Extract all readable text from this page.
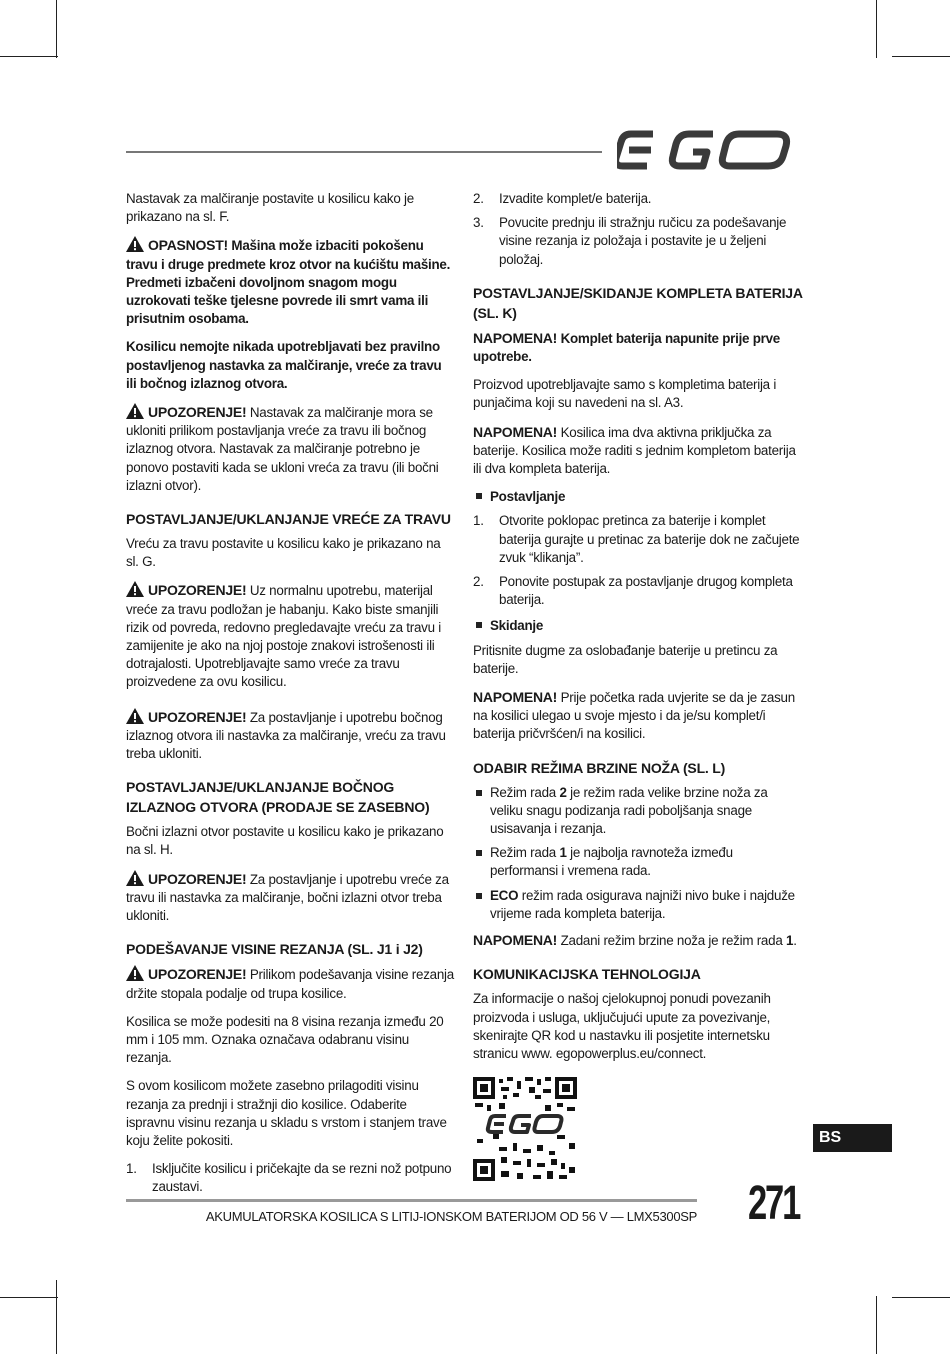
Nastavak za malčiranje postavite u kosilicu kako je prikazano na sl. F.

OPASNOST! Mašina može izbaciti pokošenu travu i druge predmete kroz otvor na kućištu mašine. Predmeti izbačeni dovoljnom snagom mogu uzrokovati teške tjelesne povrede ili smrt vama ili prisutnim osobama.

Kosilicu nemojte nikada upotrebljavati bez pravilno postavljenog nastavka za malčiranje, vreće za travu ili bočnog izlaznog otvora.

UPOZORENJE! Nastavak za malčiranje mora se ukloniti prilikom postavljanja vreće za travu ili bočnog izlaznog otvora. Nastavak za malčiranje potrebno je ponovo postaviti kada se ukloni vreća za travu (ili bočni izlazni otvor).

POSTAVLJANJE/UKLANJANJE VREĆE ZA TRAVU

Vreću za travu postavite u kosilicu kako je prikazano na sl. G.

UPOZORENJE! Uz normalnu upotrebu, materijal vreće za travu podložan je habanju. Kako biste smanjili rizik od povreda, redovno pregledavajte vreću za travu i zamijenite je ako na njoj postoje znakovi istrošenosti ili dotrajalosti. Upotrebljavajte samo vreće za travu proizvedene za ovu kosilicu.

UPOZORENJE! Za postavljanje i upotrebu bočnog izlaznog otvora ili nastavka za malčiranje, vreću za travu treba ukloniti.

POSTAVLJANJE/UKLANJANJE BOČNOG IZLAZNOG OTVORA (PRODAJE SE ZASEBNO)

Bočni izlazni otvor postavite u kosilicu kako je prikazano na sl. H.

UPOZORENJE! Za postavljanje i upotrebu vreće za travu ili nastavka za malčiranje, bočni izlazni otvor treba ukloniti.

PODEŠAVANJE VISINE REZANJA (SL. J1 i J2)

UPOZORENJE! Prilikom podešavanja visine rezanja držite stopala podalje od trupa kosilice.

Kosilica se može podesiti na 8 visina rezanja između 20 mm i 105 mm. Oznaka označava odabranu visinu rezanja.

S ovom kosilicom možete zasebno prilagoditi visinu rezanja za prednji i stražnji dio kosilice. Odaberite ispravnu visinu rezanja u skladu s vrstom i stanjem trave koju želite pokositi.

1. Isključite kosilicu i pričekajte da se rezni nož potpuno zaustavi.
2. Izvadite komplet/e baterija.
3. Povucite prednju ili stražnju ručicu za podešavanje visine rezanja iz položaja i postavite je u željeni položaj.
POSTAVLJANJE/SKIDANJE KOMPLETA BATERIJA (SL. K)

NAPOMENA! Komplet baterija napunite prije prve upotrebe.

Proizvod upotrebljavajte samo s kompletima baterija i punjačima koji su navedeni na sl. A3.

NAPOMENA! Kosilica ima dva aktivna priključka za baterije. Kosilica može raditi s jednim kompletom baterija ili dva kompleta baterija.

Postavljanje

1. Otvorite poklopac pretinca za baterije i komplet baterija gurajte u pretinac za baterije dok ne začujete zvuk “klikanja”.
2. Ponovite postupak za postavljanje drugog kompleta baterija.

Skidanje

Pritisnite dugme za oslobađanje baterije u pretincu za baterije.

NAPOMENA! Prije početka rada uvjerite se da je zasun na kosilici ulegao u svoje mjesto i da je/su komplet/i baterija pričvršćen/i na kosilici.

ODABIR REŽIMA BRZINE NOŽA (SL. L)
Režim rada 2 je režim rada velike brzine noža za veliku snagu podizanja radi poboljšanja snage usisavanja i rezanja.
Režim rada 1 je najbolja ravnoteža između performansi i vremena rada.
ECO režim rada osigurava najniži nivo buke i najduže vrijeme rada kompleta baterija.

NAPOMENA! Zadani režim brzine noža je režim rada 1.

KOMUNIKACIJSKA TEHNOLOGIJA

Za informacije o našoj cjelokupnoj ponudi povezanih proizvoda i usluga, uključujući upute za povezivanje, skenirajte QR kod u nastavku ili posjetite internetsku stranicu www. egopowerplus.eu/connect.

BS
AKUMULATORSKA KOSILICA S LITIJ-IONSKOM BATERIJOM OD 56 V — LMX5300SP 271
